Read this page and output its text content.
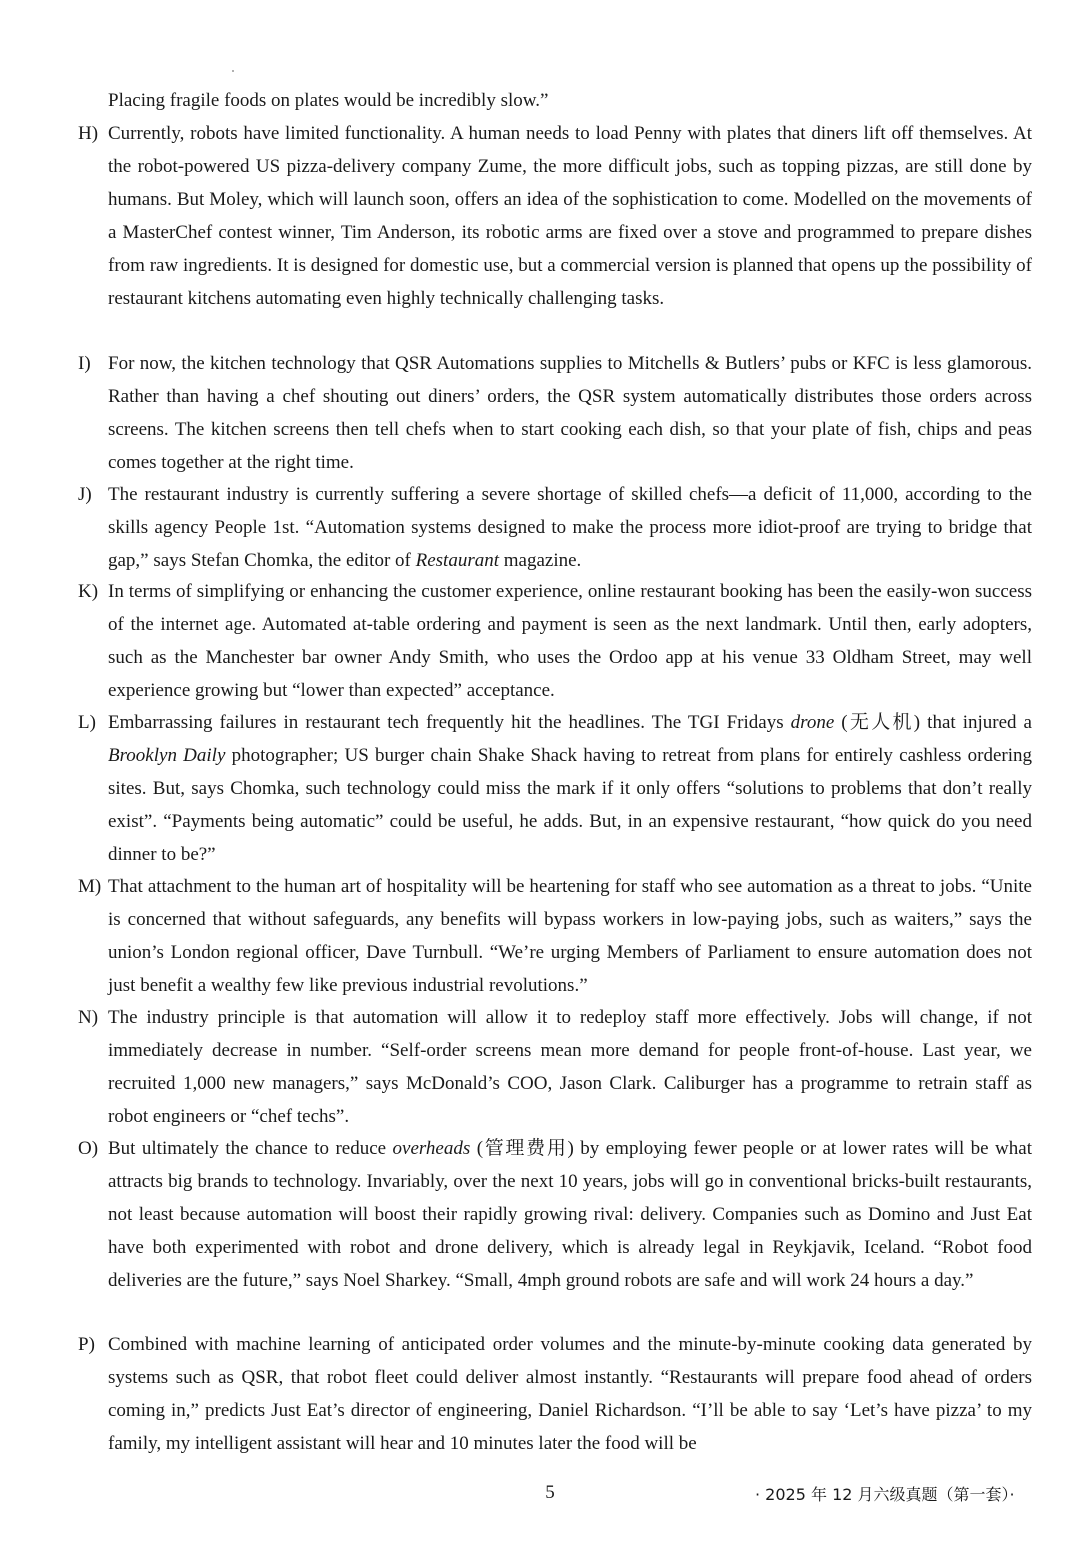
Placing fragile foods on plates would be incredibly slow.”
H) Currently, robots have limited functionality. A human needs to load Penny with plates that diners lift off themselves. At the robot-powered US pizza-delivery company Zume, the more difficult jobs, such as topping pizzas, are still done by humans. But Moley, which will launch soon, offers an idea of the sophistication to come. Modelled on the movements of a MasterChef contest winner, Tim Anderson, its robotic arms are fixed over a stove and programmed to prepare dishes from raw ingredients. It is designed for domestic use, but a commercial version is planned that opens up the possibility of restaurant kitchens automating even highly technically challenging tasks.
I) For now, the kitchen technology that QSR Automations supplies to Mitchells & Butlers’ pubs or KFC is less glamorous. Rather than having a chef shouting out diners’ orders, the QSR system automatically distributes those orders across screens. The kitchen screens then tell chefs when to start cooking each dish, so that your plate of fish, chips and peas comes together at the right time.
J) The restaurant industry is currently suffering a severe shortage of skilled chefs—a deficit of 11,000, according to the skills agency People 1st. “Automation systems designed to make the process more idiot-proof are trying to bridge that gap,” says Stefan Chomka, the editor of Restaurant magazine.
K) In terms of simplifying or enhancing the customer experience, online restaurant booking has been the easily-won success of the internet age. Automated at-table ordering and payment is seen as the next landmark. Until then, early adopters, such as the Manchester bar owner Andy Smith, who uses the Ordoo app at his venue 33 Oldham Street, may well experience growing but “lower than expected” acceptance.
L) Embarrassing failures in restaurant tech frequently hit the headlines. The TGI Fridays drone (无人机) that injured a Brooklyn Daily photographer; US burger chain Shake Shack having to retreat from plans for entirely cashless ordering sites. But, says Chomka, such technology could miss the mark if it only offers “solutions to problems that don’t really exist”. “Payments being automatic” could be useful, he adds. But, in an expensive restaurant, “how quick do you need dinner to be?”
M) That attachment to the human art of hospitality will be heartening for staff who see automation as a threat to jobs. “Unite is concerned that without safeguards, any benefits will bypass workers in low-paying jobs, such as waiters,” says the union’s London regional officer, Dave Turnbull. “We’re urging Members of Parliament to ensure automation does not just benefit a wealthy few like previous industrial revolutions.”
N) The industry principle is that automation will allow it to redeploy staff more effectively. Jobs will change, if not immediately decrease in number. “Self-order screens mean more demand for people front-of-house. Last year, we recruited 1,000 new managers,” says McDonald’s COO, Jason Clark. Caliburger has a programme to retrain staff as robot engineers or “chef techs”.
O) But ultimately the chance to reduce overheads (管理费用) by employing fewer people or at lower rates will be what attracts big brands to technology. Invariably, over the next 10 years, jobs will go in conventional bricks-built restaurants, not least because automation will boost their rapidly growing rival: delivery. Companies such as Domino and Just Eat have both experimented with robot and drone delivery, which is already legal in Reykjavik, Iceland. “Robot food deliveries are the future,” says Noel Sharkey. “Small, 4mph ground robots are safe and will work 24 hours a day.”
P) Combined with machine learning of anticipated order volumes and the minute-by-minute cooking data generated by systems such as QSR, that robot fleet could deliver almost instantly. “Restaurants will prepare food ahead of orders coming in,” predicts Just Eat’s director of engineering, Daniel Richardson. “I’ll be able to say ‘Let’s have pizza’ to my family, my intelligent assistant will hear and 10 minutes later the food will be
5	· 2025 年 12 月六级真题（第一套）·
